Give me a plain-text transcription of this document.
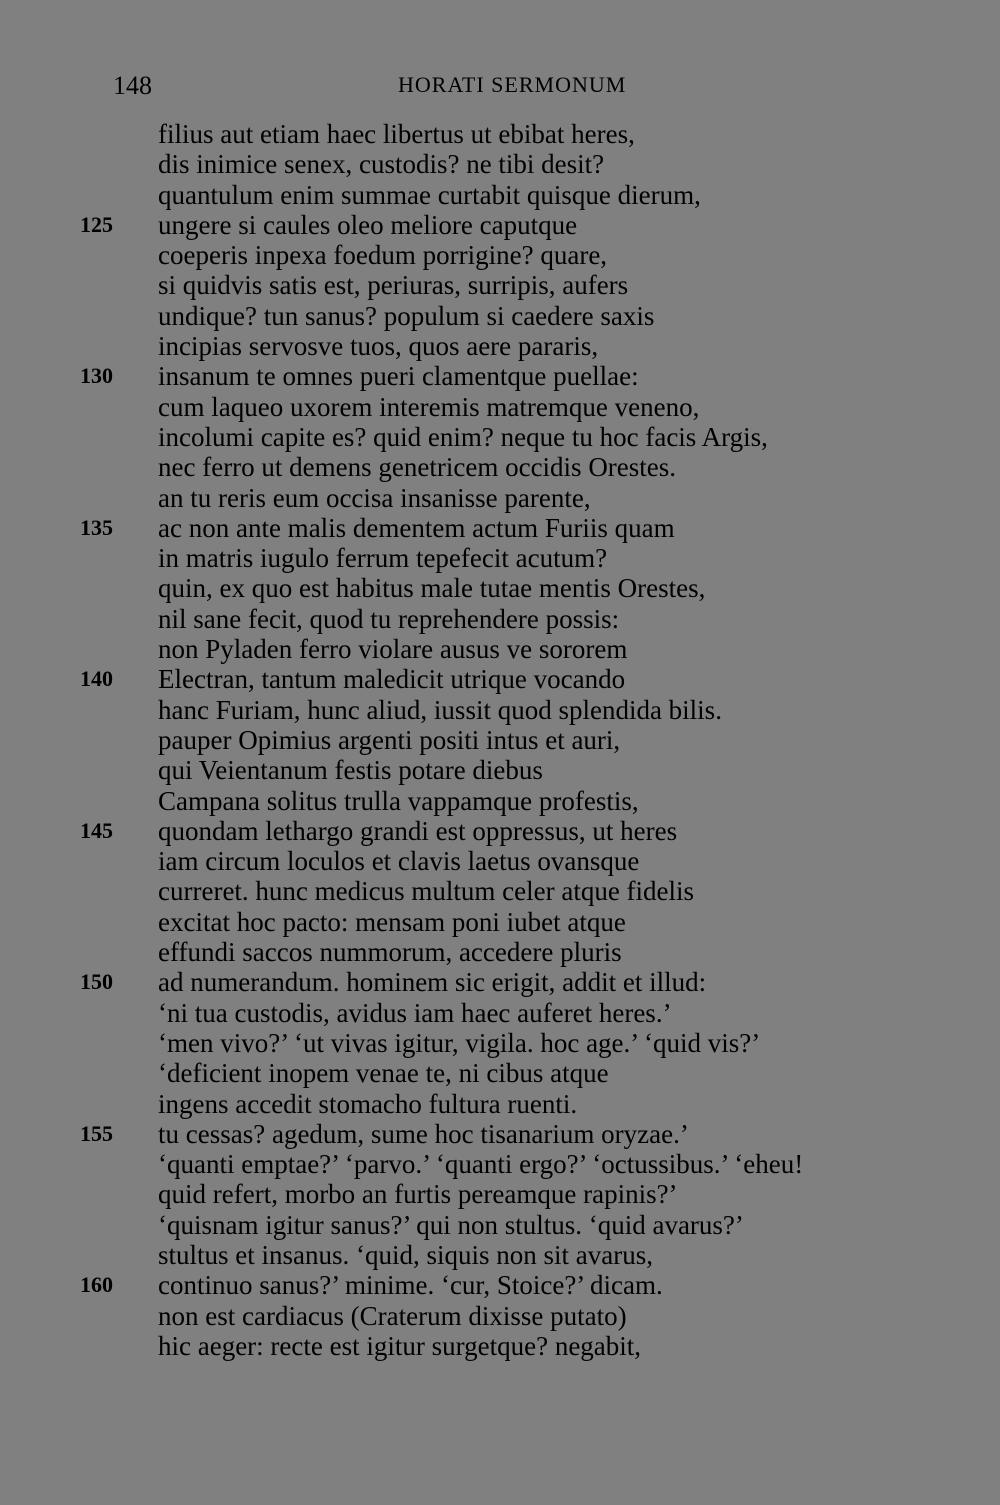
148	HORATI SERMONUM
filius aut etiam haec libertus ut ebibat heres,
dis inimice senex, custodis? ne tibi desit?
quantulum enim summae curtabit quisque dierum,
125	ungere si caules oleo meliore caputque
coeperis inpexa foedum porrigine? quare,
si quidvis satis est, periuras, surripis, aufers
undique? tun sanus? populum si caedere saxis
incipias servosve tuos, quos aere pararis,
130	insanum te omnes pueri clamentque puellae:
cum laqueo uxorem interemis matremque veneno,
incolumi capite es? quid enim? neque tu hoc facis Argis,
nec ferro ut demens genetricem occidis Orestes.
an tu reris eum occisa insanisse parente,
135	ac non ante malis dementem actum Furiis quam
in matris iugulo ferrum tepefecit acutum?
quin, ex quo est habitus male tutae mentis Orestes,
nil sane fecit, quod tu reprehendere possis:
non Pyladen ferro violare ausus ve sororem
140	Electran, tantum maledicit utrique vocando
hanc Furiam, hunc aliud, iussit quod splendida bilis.
pauper Opimius argenti positi intus et auri,
qui Veientanum festis potare diebus
Campana solitus trulla vappamque profestis,
145	quondam lethargo grandi est oppressus, ut heres
iam circum loculos et clavis laetus ovansque
curreret. hunc medicus multum celer atque fidelis
excitat hoc pacto: mensam poni iubet atque
effundi saccos nummorum, accedere pluris
150	ad numerandum. hominem sic erigit, addit et illud:
‘ni tua custodis, avidus iam haec auferet heres.’
‘men vivo?’ ‘ut vivas igitur, vigila. hoc age.’ ‘quid vis?’
‘deficient inopem venae te, ni cibus atque
ingens accedit stomacho fultura ruenti.
155	tu cessas? agedum, sume hoc tisanarium oryzae.’
‘quanti emptae?’ ‘parvo.’ ‘quanti ergo?’ ‘octussibus.’ ‘eheu!
quid refert, morbo an furtis pereamque rapinis?’
‘quisnam igitur sanus?’ qui non stultus. ‘quid avarus?’
stultus et insanus. ‘quid, siquis non sit avarus,
160	continuo sanus?’ minime. ‘cur, Stoice?’ dicam.
non est cardiacus (Craterum dixisse putato)
hic aeger: recte est igitur surgetque? negabit,
